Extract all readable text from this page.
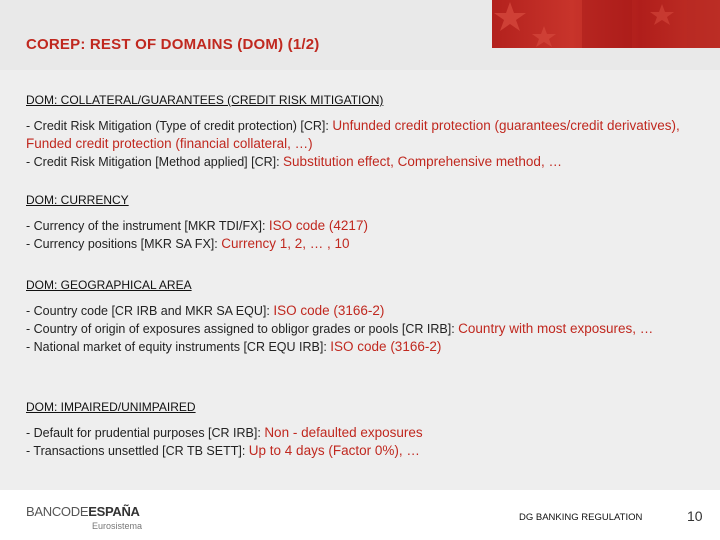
COREP: REST OF DOMAINS (DOM) (1/2)
DOM: COLLATERAL/GUARANTEES (CREDIT RISK MITIGATION)

- Credit Risk Mitigation (Type of credit protection) [CR]: Unfunded credit protection (guarantees/credit derivatives), Funded credit protection (financial collateral, …)

- Credit Risk Mitigation [Method applied] [CR]: Substitution effect, Comprehensive method, …

DOM: CURRENCY

- Currency of the instrument [MKR TDI/FX]: ISO code (4217)

- Currency positions [MKR SA FX]: Currency 1, 2, … , 10

DOM: GEOGRAPHICAL AREA

- Country code [CR IRB and MKR SA EQU]: ISO code (3166-2)

- Country of origin of exposures assigned to obligor grades or pools [CR IRB]: Country with most exposures, …

- National market of equity instruments [CR EQU IRB]: ISO code (3166-2)

DOM: IMPAIRED/UNIMPAIRED

- Default for prudential purposes [CR IRB]: Non - defaulted exposures

- Transactions unsettled [CR TB SETT]: Up to 4 days (Factor 0%), …

BANCODEESPAÑA
Eurosistema
DG BANKING REGULATION	10
